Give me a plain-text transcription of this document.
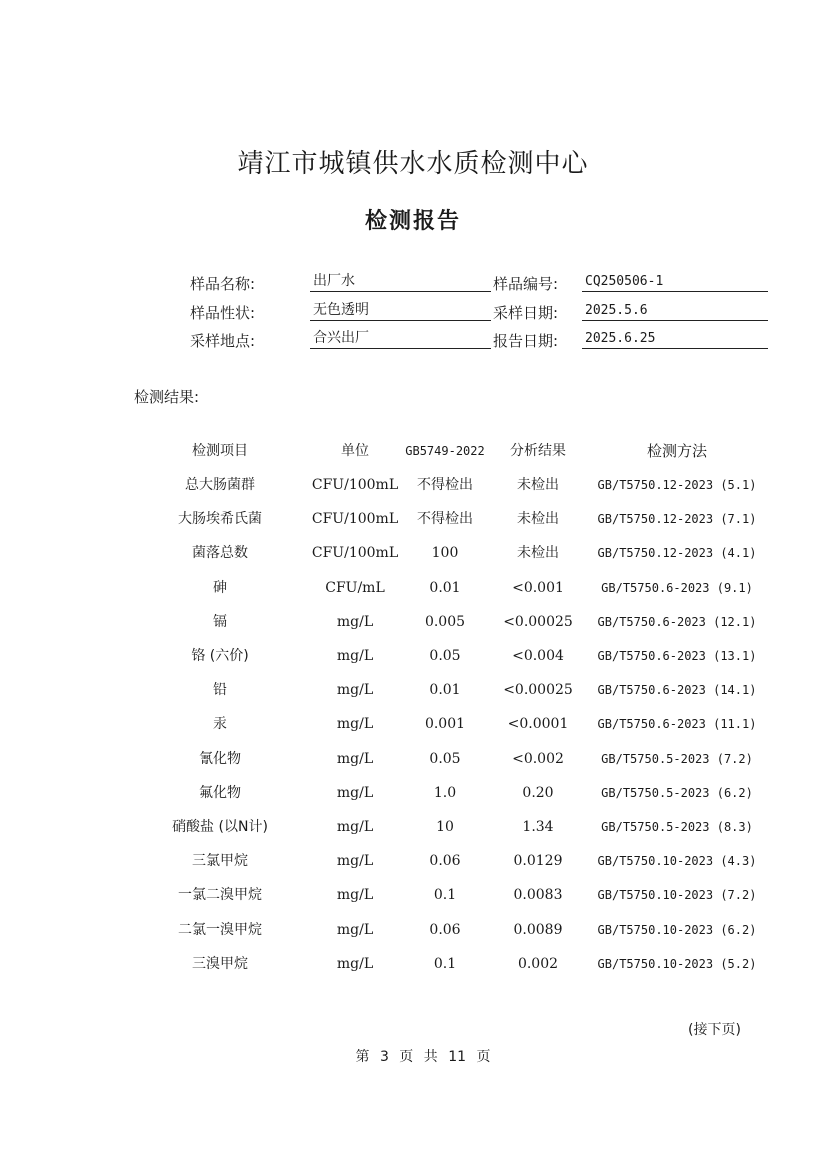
靖江市城镇供水水质检测中心
检测报告
样品名称:	出厂水	样品编号: CQ250506-1
样品性状:	无色透明	采样日期: 2025.5.6
采样地点:	合兴出厂	报告日期: 2025.6.25
检测结果:
检测项目	单位	GB5749-2022	分析结果	检测方法
总大肠菌群	CFU/100mL	不得检出	未检出	GB/T5750.12-2023 (5.1)
大肠埃希氏菌	CFU/100mL	不得检出	未检出	GB/T5750.12-2023 (7.1)
菌落总数	CFU/100mL	100	未检出	GB/T5750.12-2023 (4.1)
砷	CFU/mL	0.01	<0.001	GB/T5750.6-2023 (9.1)
镉	mg/L	0.005	<0.00025	GB/T5750.6-2023 (12.1)
铬 (六价)	mg/L	0.05	<0.004	GB/T5750.6-2023 (13.1)
铅	mg/L	0.01	<0.00025	GB/T5750.6-2023 (14.1)
汞	mg/L	0.001	<0.0001	GB/T5750.6-2023 (11.1)
氰化物	mg/L	0.05	<0.002	GB/T5750.5-2023 (7.2)
氟化物	mg/L	1.0	0.20	GB/T5750.5-2023 (6.2)
硝酸盐 (以N计)	mg/L	10	1.34	GB/T5750.5-2023 (8.3)
三氯甲烷	mg/L	0.06	0.0129	GB/T5750.10-2023 (4.3)
一氯二溴甲烷	mg/L	0.1	0.0083	GB/T5750.10-2023 (7.2)
二氯一溴甲烷	mg/L	0.06	0.0089	GB/T5750.10-2023 (6.2)
三溴甲烷	mg/L	0.1	0.002	GB/T5750.10-2023 (5.2)
(接下页)
第 3 页 共 11 页
